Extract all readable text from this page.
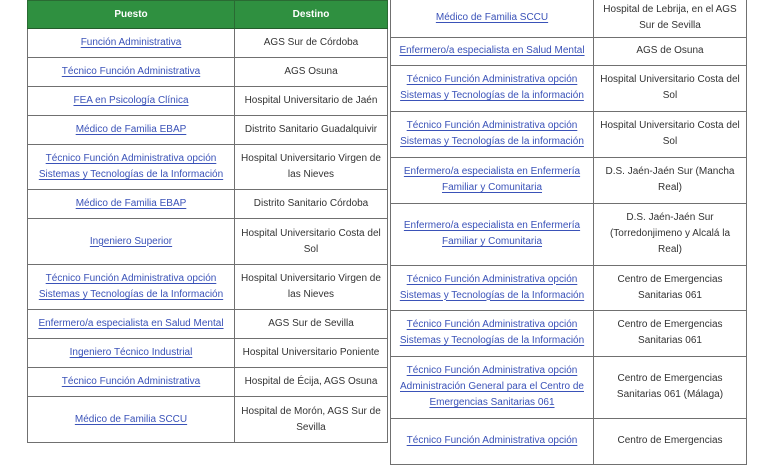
Puesto	Destino
Función Administrativa	AGS Sur de Córdoba
Técnico Función Administrativa	AGS Osuna
FEA en Psicología Clínica	Hospital Universitario de Jaén
Médico de Familia EBAP	Distrito Sanitario Guadalquivir
Técnico Función Administrativa opción Sistemas y Tecnologías de la Información	Hospital Universitario Virgen de las Nieves
Médico de Familia EBAP	Distrito Sanitario Córdoba
Ingeniero Superior	Hospital Universitario Costa del Sol
Técnico Función Administrativa opción Sistemas y Tecnologías de la Información	Hospital Universitario Virgen de las Nieves
Enfermero/a especialista en Salud Mental	AGS Sur de Sevilla
Ingeniero Técnico Industrial	Hospital Universitario Poniente
Técnico Función Administrativa	Hospital de Écija, AGS Osuna
Médico de Familia SCCU	Hospital de Morón, AGS Sur de Sevilla
Médico de Familia SCCU	Hospital de Lebrija, en el AGS Sur de Sevilla
Enfermero/a especialista en Salud Mental	AGS de Osuna
Técnico Función Administrativa opción Sistemas y Tecnologías de la información	Hospital Universitario Costa del Sol
Técnico Función Administrativa opción Sistemas y Tecnologías de la información	Hospital Universitario Costa del Sol
Enfermero/a especialista en Enfermería Familiar y Comunitaria	D.S. Jaén-Jaén Sur (Mancha Real)
Enfermero/a especialista en Enfermería Familiar y Comunitaria	D.S. Jaén-Jaén Sur (Torredonjimeno y Alcalá la Real)
Técnico Función Administrativa opción Sistemas y Tecnologías de la Información	Centro de Emergencias Sanitarias 061
Técnico Función Administrativa opción Sistemas y Tecnologías de la Información	Centro de Emergencias Sanitarias 061
Técnico Función Administrativa opción Administración General para el Centro de Emergencias Sanitarias 061	Centro de Emergencias Sanitarias 061 (Málaga)
Técnico Función Administrativa opción	Centro de Emergencias
